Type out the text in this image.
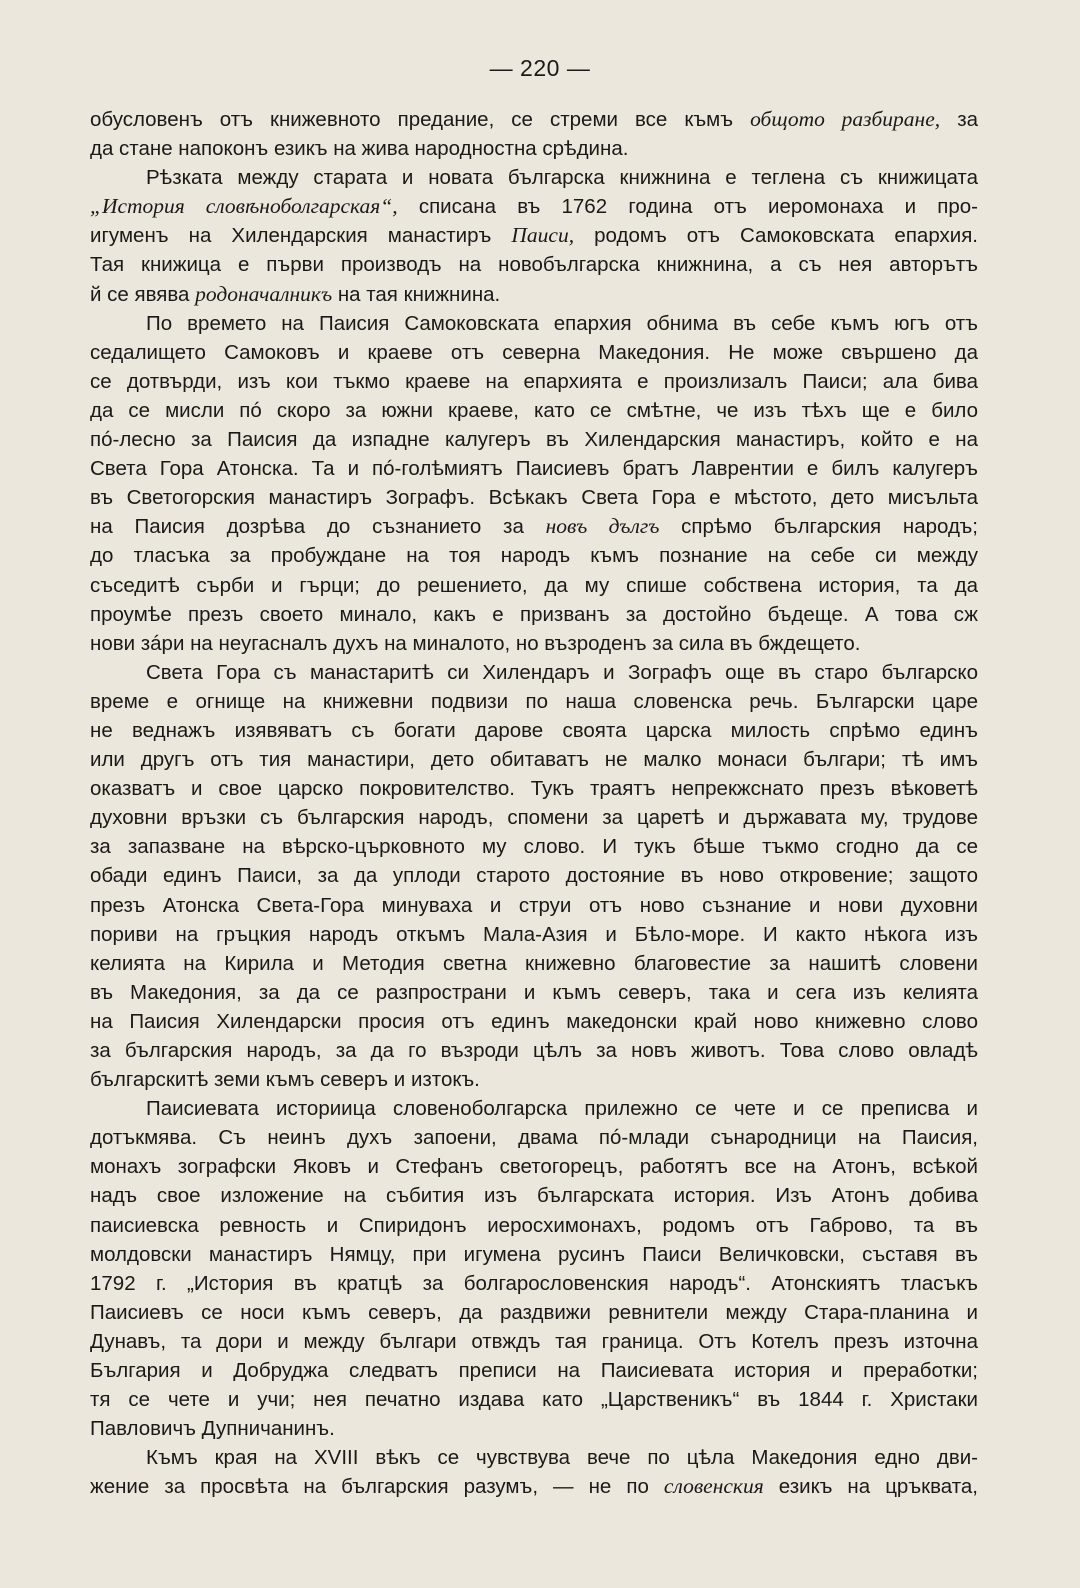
— 220 —
обусловенъ отъ книжевното предание, се стреми все къмъ общото разбиране, за
да стане напоконъ езикъ на жива народностна срѣдина.
Рѣзката между старата и новата българска книжнина е теглена съ книжицата
„История словѣноболгарская“, списана въ 1762 година отъ иеромонаха и про-
игуменъ на Хилендарския манастиръ Паиси, родомъ отъ Самоковската епархия.
Тая книжица е първи производъ на новобългарска книжнина, а съ нея авторътъ
й се явява родоначалникъ на тая книжнина.
По времето на Паисия Самоковската епархия обнима въ себе къмъ югъ отъ
седалището Самоковъ и краеве отъ северна Македония. Не може свършено да
се дотвърди, изъ кои тъкмо краеве на епархията е произлизалъ Паиси; ала бива
да се мисли пó скоро за южни краеве, като се смѣтне, че изъ тѣхъ ще е било
пó-лесно за Паисия да изпадне калугеръ въ Хилендарския манастиръ, който е на
Света Гора Атонска. Та и пó-голѣмиятъ Паисиевъ братъ Лаврентии е билъ калугеръ
въ Светогорския манастиръ Зографъ. Всѣкакъ Света Гора е мѣстото, дето мисъльта
на Паисия дозрѣва до съзнанието за новъ дългъ спрѣмо българския народъ;
до тласъка за пробуждане на тоя народъ къмъ познание на себе си между
съседитѣ сърби и гърци; до решението, да му спише собствена история, та да
проумѣе презъ своето минало, какъ е призванъ за достойно бъдеще. А това сж
нови зáри на неугасналъ духъ на миналото, но възроденъ за сила въ бждещето.
Света Гора съ манастаритѣ си Хилендаръ и Зографъ още въ старо българско
време е огнище на книжевни подвизи по наша словенска речь. Български царе
не веднажъ изявяватъ съ богати дарове своята царска милость спрѣмо единъ
или другъ отъ тия манастири, дето обитаватъ не малко монаси българи; тѣ имъ
оказватъ и свое царско покровителство. Тукъ траятъ непрекжснато презъ вѣковетѣ
духовни връзки съ българския народъ, спомени за царетѣ и държавата му, трудове
за запазване на вѣрско-църковното му слово. И тукъ бѣше тъкмо сгодно да се
обади единъ Паиси, за да уплоди старото достояние въ ново откровение; защото
презъ Атонска Света-Гора минуваха и струи отъ ново съзнание и нови духовни
пориви на гръцкия народъ откъмъ Мала-Азия и Бѣло-море. И както нѣкога изъ
келията на Кирила и Методия светна книжевно благовестие за нашитѣ словени
въ Македония, за да се разпространи и къмъ северъ, така и сега изъ келията
на Паисия Хилендарски просия отъ единъ македонски край ново книжевно слово
за българския народъ, за да го възроди цѣлъ за новъ животъ. Това слово овладѣ
българскитѣ земи къмъ северъ и изтокъ.
Паисиевата историица словеноболгарска прилежно се чете и се преписва и
дотъкмява. Съ неинъ духъ запоени, двама пó-млади сънародници на Паисия,
монахъ зографски Яковъ и Стефанъ светогорецъ, работятъ все на Атонъ, всѣкой
надъ свое изложение на събития изъ българската история. Изъ Атонъ добива
паисиевска ревность и Спиридонъ иеросхимонахъ, родомъ отъ Габрово, та въ
молдовски манастиръ Нямцу, при игумена русинъ Паиси Величковски, съставя въ
1792 г. „История въ кратцѣ за болгарословенския народъ“. Атонскиятъ тласъкъ
Паисиевъ се носи къмъ северъ, да раздвижи ревнители между Стара-планина и
Дунавъ, та дори и между българи отвждъ тая граница. Отъ Котелъ презъ източна
България и Добруджа следватъ преписи на Паисиевата история и преработки;
тя се чете и учи; нея печатно издава като „Царственикъ“ въ 1844 г. Христаки
Павловичъ Дупничанинъ.
Къмъ края на XVIII вѣкъ се чувствува вече по цѣла Македония едно дви-
жение за просвѣта на българския разумъ, — не по словенския езикъ на цръквата,
